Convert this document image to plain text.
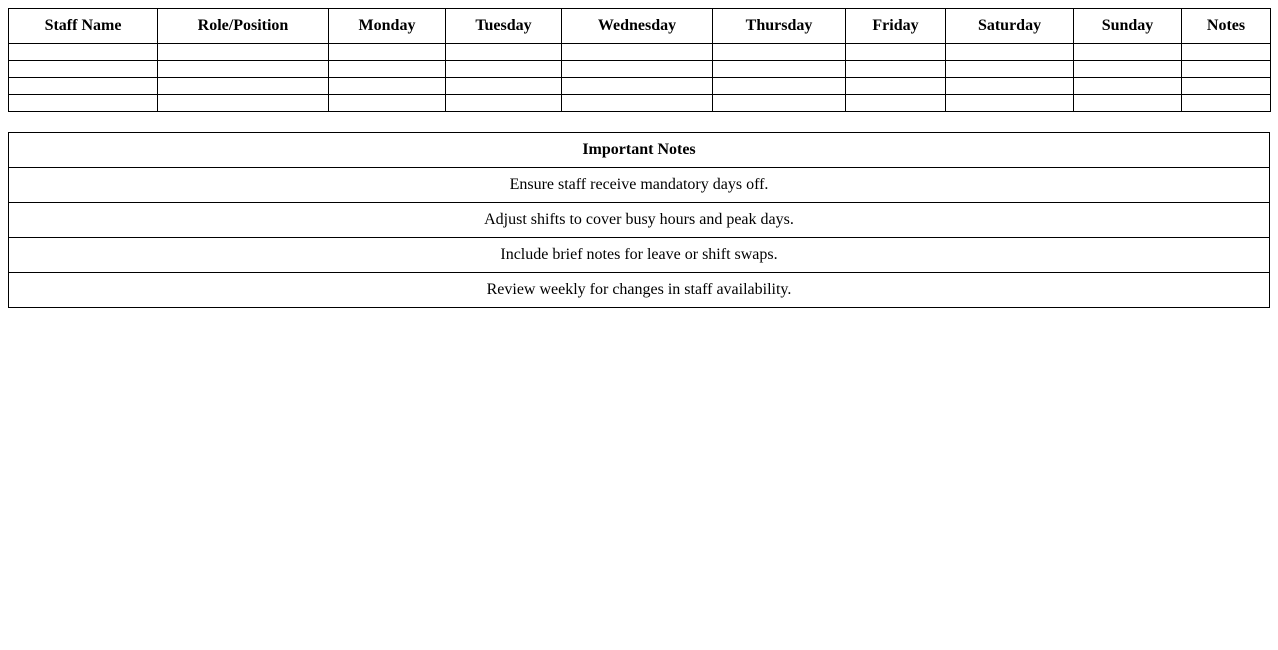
Staff Name	Role/Position	Monday	Tuesday	Wednesday	Thursday	Friday	Saturday	Sunday	Notes

Important Notes
Ensure staff receive mandatory days off.
Adjust shifts to cover busy hours and peak days.
Include brief notes for leave or shift swaps.
Review weekly for changes in staff availability.
